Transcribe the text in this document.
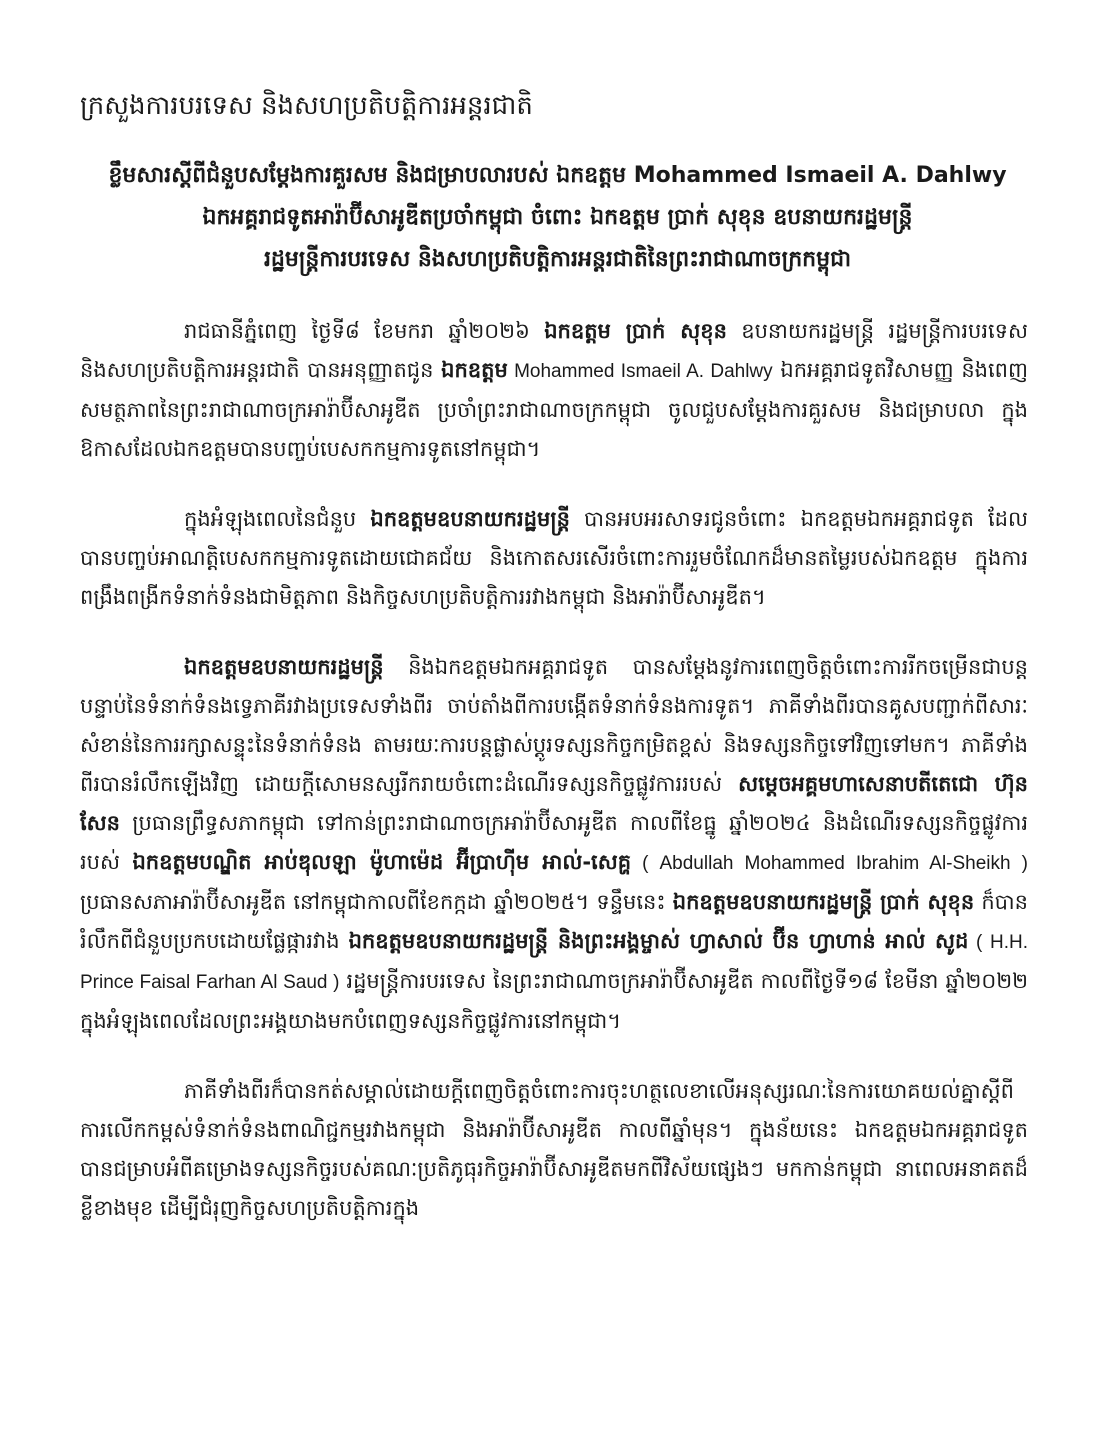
ក្រសួងការបរទេស និងសហប្រតិបត្តិការអន្តរជាតិ
ខ្លឹមសារស្តីពីជំនួបសម្តែងការគួរសម និងជម្រាបលារបស់ ឯកឧត្តម Mohammed Ismaeil A. Dahlwy
ឯកអគ្គរាជទូតអារ៉ាប៊ីសាអូឌីតប្រចាំកម្ពុជា ចំពោះ ឯកឧត្តម ប្រាក់ សុខុន ឧបនាយករដ្ឋមន្ត្រី
រដ្ឋមន្ត្រីការបរទេស និងសហប្រតិបត្តិការអន្តរជាតិនៃព្រះរាជាណាចក្រកម្ពុជា

រាជធានីភ្នំពេញ ថ្ងៃទី៨ ខែមករា ឆ្នាំ២០២៦ ឯកឧត្តម ប្រាក់ សុខុន ឧបនាយករដ្ឋមន្ត្រី រដ្ឋមន្ត្រីការបរទេស និងសហប្រតិបត្តិការអន្តរជាតិ បានអនុញ្ញាតជូន ឯកឧត្តម Mohammed Ismaeil A. Dahlwy ឯកអគ្គរាជទូតវិសាមញ្ញ និងពេញសមត្ថភាពនៃព្រះរាជាណាចក្រអារ៉ាប៊ីសាអូឌីត ប្រចាំព្រះរាជាណាចក្រកម្ពុជា ចូលជួបសម្តែងការគួរសម និងជម្រាបលា ក្នុងឱកាសដែលឯកឧត្តមបានបញ្ចប់បេសកកម្មការទូតនៅកម្ពុជា។

ក្នុងអំឡុងពេលនៃជំនួប ឯកឧត្តមឧបនាយករដ្ឋមន្ត្រី បានអបអរសាទរជូនចំពោះ ឯកឧត្តមឯកអគ្គរាជទូត ដែលបានបញ្ចប់អាណត្តិបេសកកម្មការទូតដោយជោគជ័យ និងកោតសរសើរចំពោះការរួមចំណែកដ៏មានតម្លៃរបស់ឯកឧត្តម ក្នុងការពង្រឹងពង្រីកទំនាក់ទំនងជាមិត្តភាព និងកិច្ចសហប្រតិបត្តិការរវាងកម្ពុជា និងអារ៉ាប៊ីសាអូឌីត។

ឯកឧត្តមឧបនាយករដ្ឋមន្ត្រី និងឯកឧត្តមឯកអគ្គរាជទូត បានសម្តែងនូវការពេញចិត្តចំពោះការរីកចម្រើនជាបន្តបន្ទាប់នៃទំនាក់ទំនងទ្វេភាគីរវាងប្រទេសទាំងពីរ ចាប់តាំងពីការបង្កើតទំនាក់ទំនងការទូត។ ភាគីទាំងពីរបានគូសបញ្ជាក់ពីសារៈសំខាន់នៃការរក្សាសន្ទុះនៃទំនាក់ទំនង តាមរយៈការបន្តផ្លាស់ប្តូរទស្សនកិច្ចកម្រិតខ្ពស់ និងទស្សនកិច្ចទៅវិញទៅមក។ ភាគីទាំងពីរបានរំលឹកឡើងវិញ ដោយក្តីសោមនស្សរីករាយចំពោះដំណើរទស្សនកិច្ចផ្លូវការរបស់ សម្តេចអគ្គមហាសេនាបតីតេជោ ហ៊ុន សែន ប្រធានព្រឹទ្ធសភាកម្ពុជា ទៅកាន់ព្រះរាជាណាចក្រអារ៉ាប៊ីសាអូឌីត កាលពីខែធ្នូ ឆ្នាំ២០២៤ និងដំណើរទស្សនកិច្ចផ្លូវការរបស់ ឯកឧត្តមបណ្ឌិត អាប់ឌុលឡា ម៉ូហាម៉េដ អ៊ីប្រាហ៊ីម អាល់-សេគ្ហ ( Abdullah Mohammed Ibrahim Al-Sheikh ) ប្រធានសភាអារ៉ាប៊ីសាអូឌីត នៅកម្ពុជាកាលពីខែកក្កដា ឆ្នាំ២០២៥។ ទន្ទឹមនេះ ឯកឧត្តមឧបនាយករដ្ឋមន្ត្រី ប្រាក់ សុខុន ក៏បានរំលឹកពីជំនួបប្រកបដោយផ្លែផ្ការវាង ឯកឧត្តមឧបនាយករដ្ឋមន្ត្រី និងព្រះអង្គម្ចាស់ ហ្វាសាល់ ប៊ីន ហ្វាហាន់ អាល់ សូដ ( H.H. Prince Faisal Farhan Al Saud ) រដ្ឋមន្ត្រីការបរទេស នៃព្រះរាជាណាចក្រអារ៉ាប៊ីសាអូឌីត កាលពីថ្ងៃទី១៨ ខែមីនា ឆ្នាំ២០២២ ក្នុងអំឡុងពេលដែលព្រះអង្គយាងមកបំពេញទស្សនកិច្ចផ្លូវការនៅកម្ពុជា។

ភាគីទាំងពីរក៏បានកត់សម្គាល់ដោយក្តីពេញចិត្តចំពោះការចុះហត្ថលេខាលើអនុស្សរណៈនៃការយោគយល់គ្នាស្តីពីការលើកកម្ពស់ទំនាក់ទំនងពាណិជ្ជកម្មរវាងកម្ពុជា និងអារ៉ាប៊ីសាអូឌីត កាលពីឆ្នាំមុន។ ក្នុងន័យនេះ ឯកឧត្តមឯកអគ្គរាជទូត បានជម្រាបអំពីគម្រោងទស្សនកិច្ចរបស់គណៈប្រតិភូធុរកិច្ចអារ៉ាប៊ីសាអូឌីតមកពីវិស័យផ្សេងៗ មកកាន់កម្ពុជា នាពេលអនាគតដ៏ខ្លីខាងមុខ ដើម្បីជំរុញកិច្ចសហប្រតិបត្តិការក្នុង
